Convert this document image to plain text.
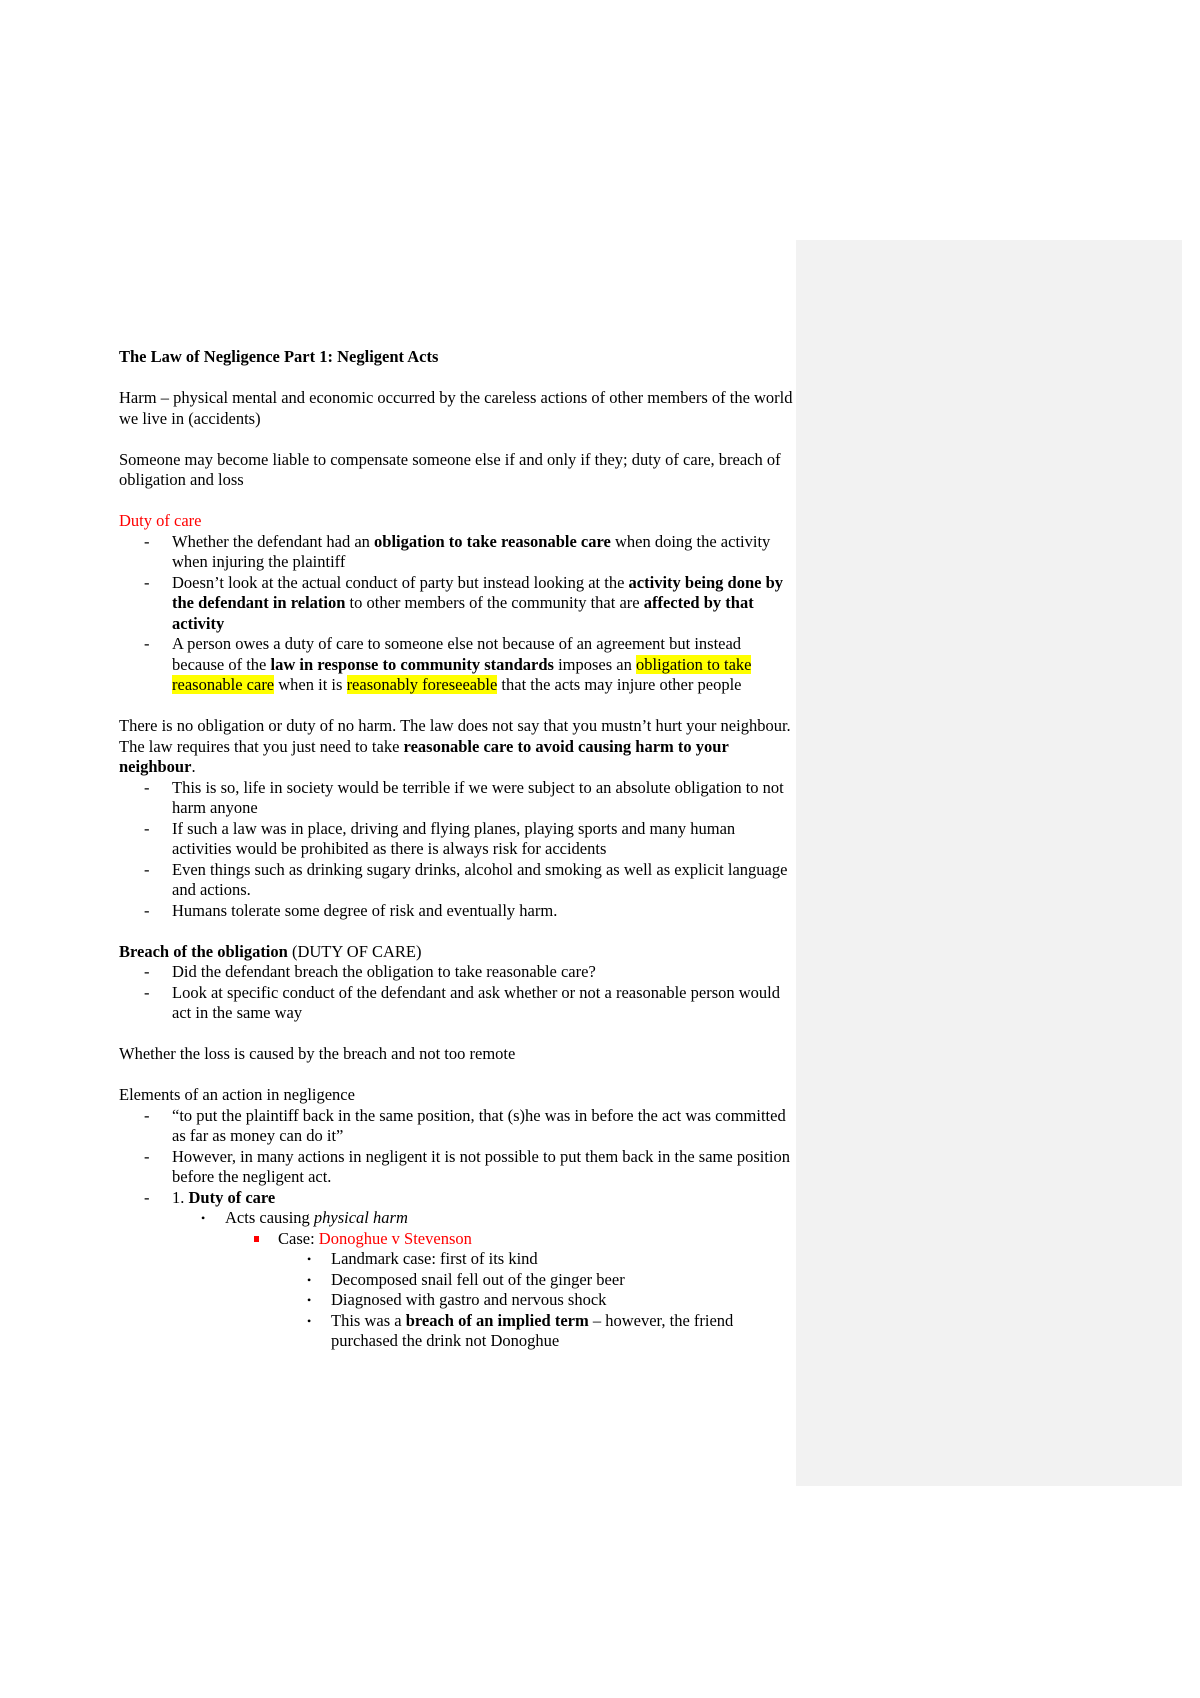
The Law of Negligence Part 1: Negligent Acts

Harm – physical mental and economic occurred by the careless actions of other members of the world we live in (accidents)

Someone may become liable to compensate someone else if and only if they; duty of care, breach of obligation and loss

Duty of care
- Whether the defendant had an obligation to take reasonable care when doing the activity when injuring the plaintiff
- Doesn’t look at the actual conduct of party but instead looking at the activity being done by the defendant in relation to other members of the community that are affected by that activity
- A person owes a duty of care to someone else not because of an agreement but instead because of the law in response to community standards imposes an obligation to take reasonable care when it is reasonably foreseeable that the acts may injure other people
There is no obligation or duty of no harm. The law does not say that you mustn’t hurt your neighbour. The law requires that you just need to take reasonable care to avoid causing harm to your neighbour.
- This is so, life in society would be terrible if we were subject to an absolute obligation to not harm anyone
- If such a law was in place, driving and flying planes, playing sports and many human activities would be prohibited as there is always risk for accidents
- Even things such as drinking sugary drinks, alcohol and smoking as well as explicit language and actions.
- Humans tolerate some degree of risk and eventually harm.
Breach of the obligation (DUTY OF CARE)
- Did the defendant breach the obligation to take reasonable care?
- Look at specific conduct of the defendant and ask whether or not a reasonable person would act in the same way

Whether the loss is caused by the breach and not too remote

Elements of an action in negligence
- “to put the plaintiff back in the same position, that (s)he was in before the act was committed as far as money can do it”
- However, in many actions in negligent it is not possible to put them back in the same position before the negligent act.
- 1. Duty of care
• Acts causing physical harm
Case: Donoghue v Stevenson
• Landmark case: first of its kind
• Decomposed snail fell out of the ginger beer
• Diagnosed with gastro and nervous shock
• This was a breach of an implied term – however, the friend purchased the drink not Donoghue
